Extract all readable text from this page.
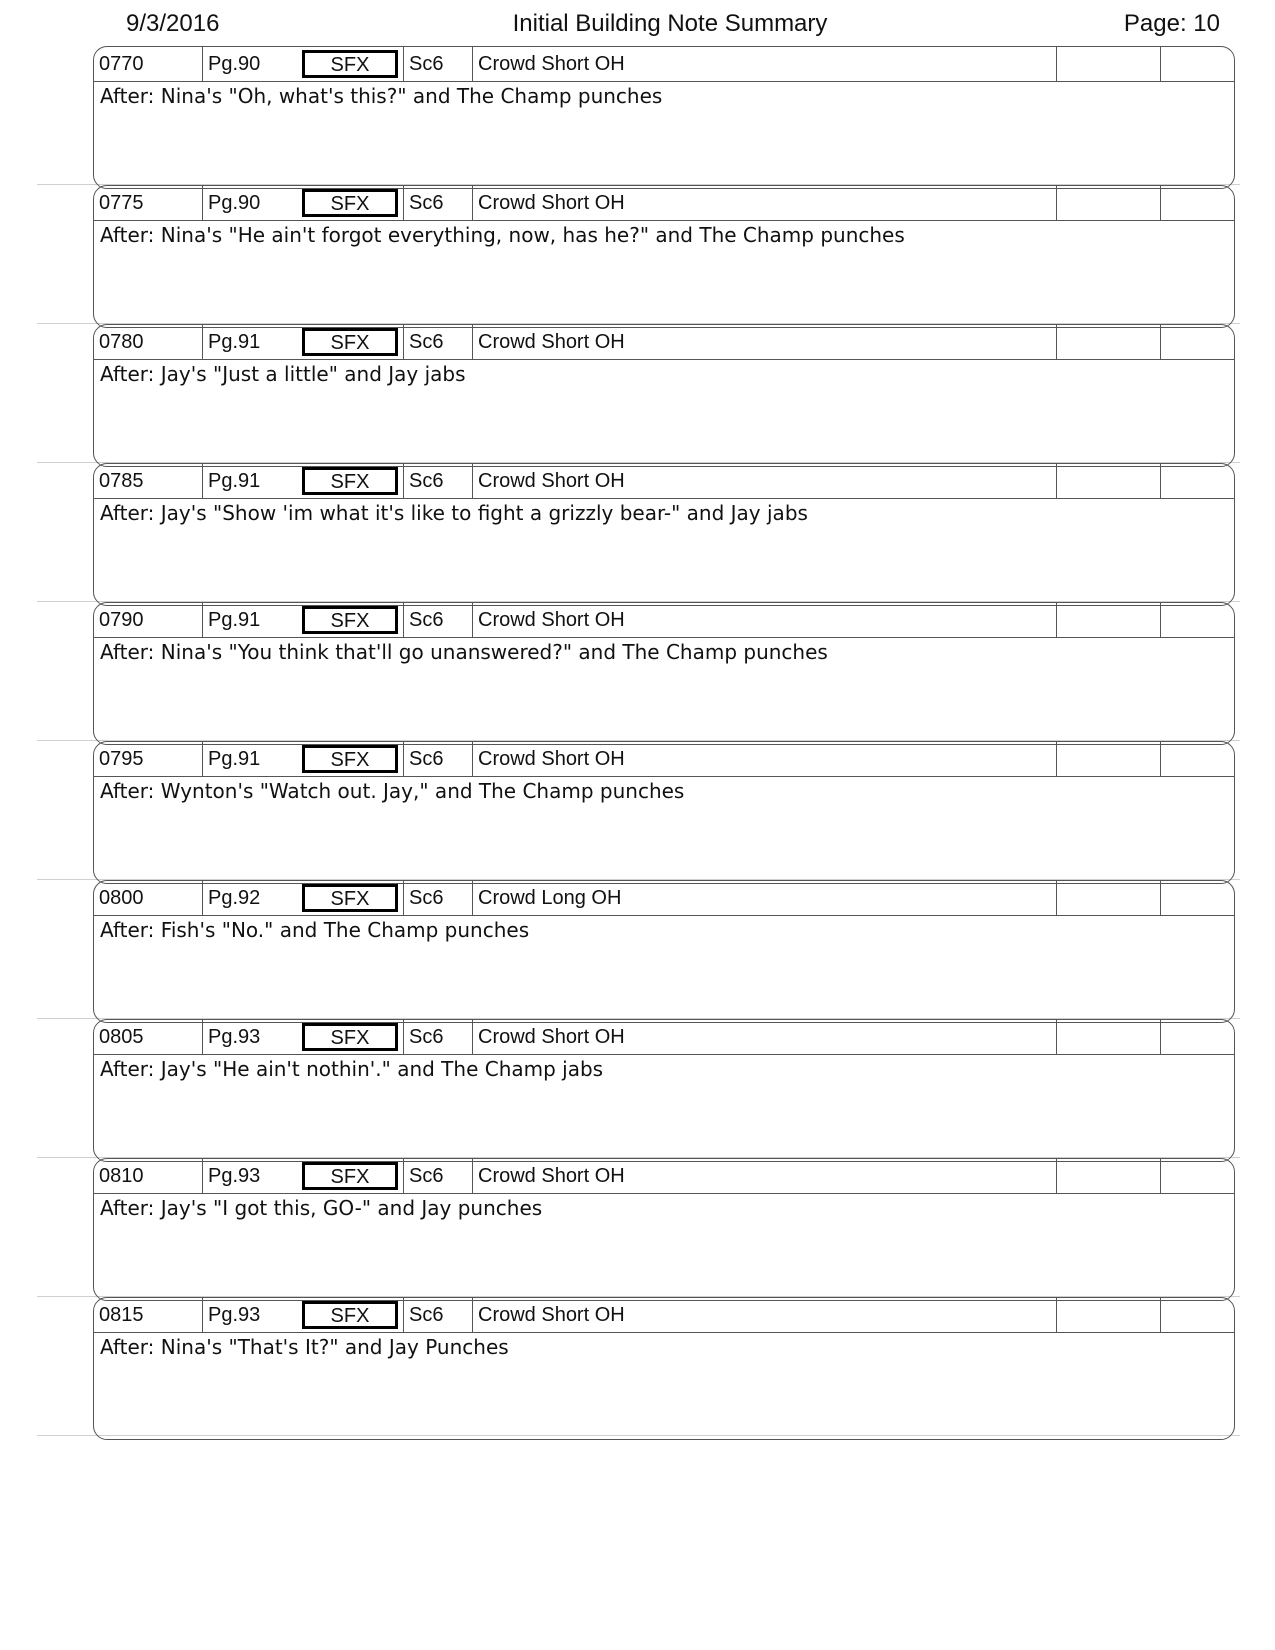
9/3/2016	Initial Building Note Summary	Page: 10
0770	Pg.90	SFX	Sc6	Crowd Short OH
After: Nina's "Oh, what's this?" and The Champ punches
0775	Pg.90	SFX	Sc6	Crowd Short OH
After: Nina's "He ain't forgot everything, now, has he?" and The Champ punches
0780	Pg.91	SFX	Sc6	Crowd Short OH
After: Jay's "Just a little" and Jay jabs
0785	Pg.91	SFX	Sc6	Crowd Short OH
After: Jay's "Show 'im what it's like to fight a grizzly bear-" and Jay jabs
0790	Pg.91	SFX	Sc6	Crowd Short OH
After: Nina's "You think that'll go unanswered?" and The Champ punches
0795	Pg.91	SFX	Sc6	Crowd Short OH
After: Wynton's "Watch out. Jay," and The Champ punches
0800	Pg.92	SFX	Sc6	Crowd Long OH
After: Fish's "No." and The Champ punches
0805	Pg.93	SFX	Sc6	Crowd Short OH
After: Jay's "He ain't nothin'." and The Champ jabs
0810	Pg.93	SFX	Sc6	Crowd Short OH
After: Jay's "I got this, GO-" and Jay punches
0815	Pg.93	SFX	Sc6	Crowd Short OH
After: Nina's "That's It?" and Jay Punches
